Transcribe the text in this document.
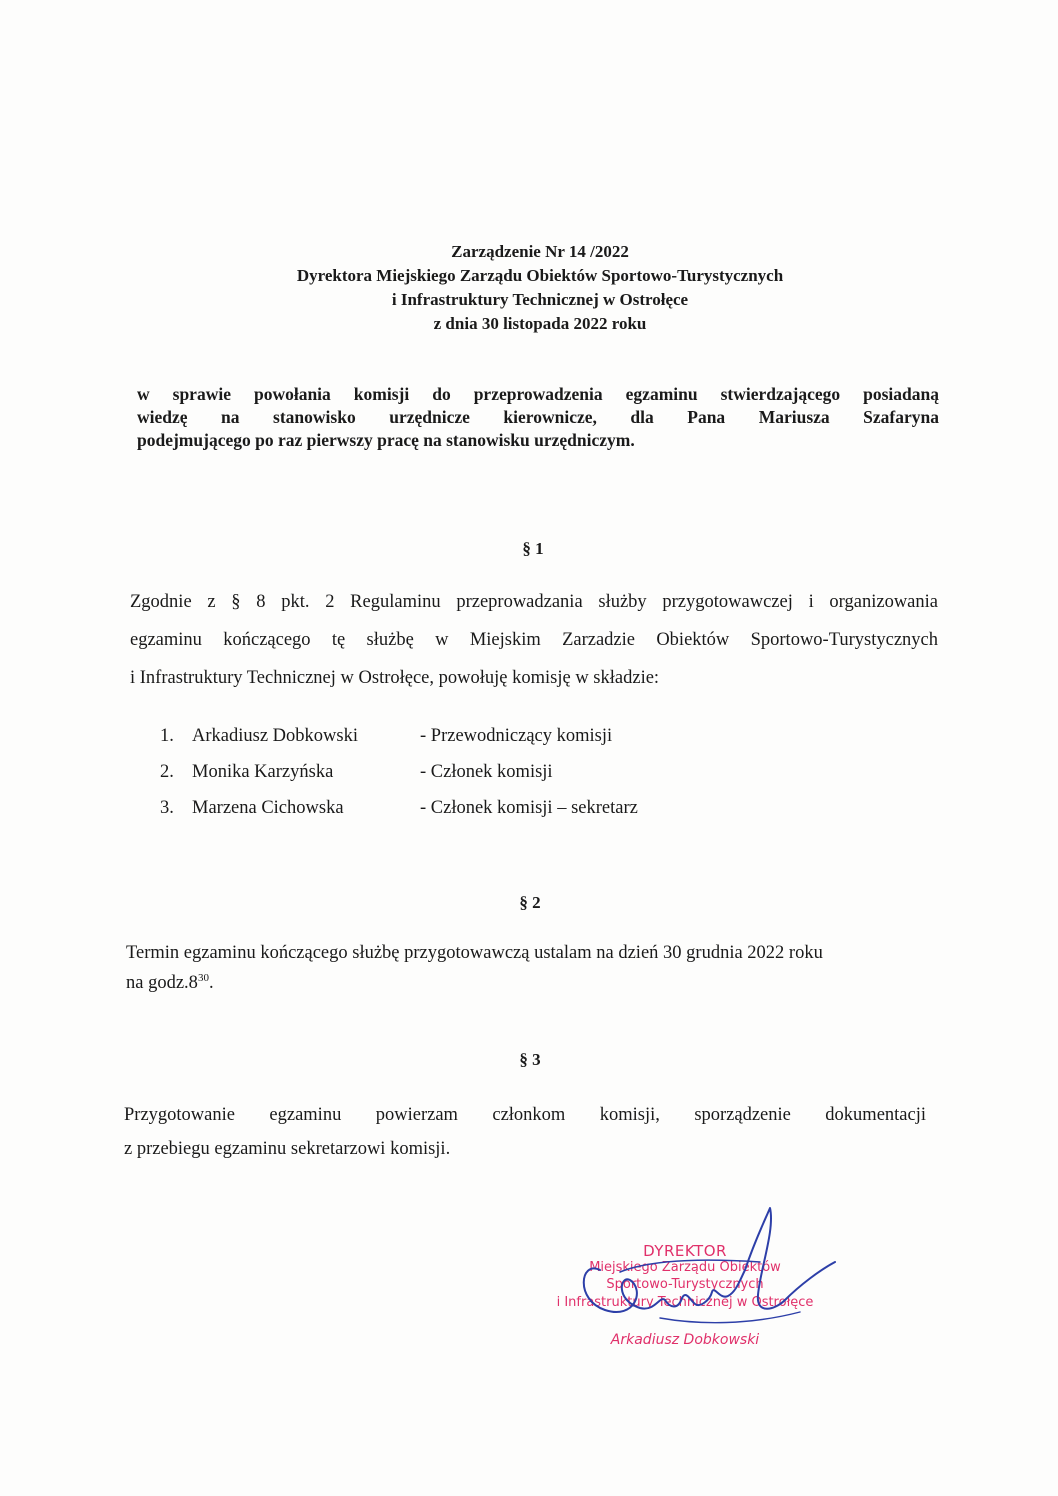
Zarządzenie Nr 14 /2022
Dyrektora Miejskiego Zarządu Obiektów Sportowo-Turystycznych
i Infrastruktury Technicznej w Ostrołęce
z dnia 30 listopada 2022 roku
w sprawie powołania komisji do przeprowadzenia egzaminu stwierdzającego posiadaną
wiedzę na stanowisko urzędnicze kierownicze, dla Pana Mariusza Szafaryna
podejmującego po raz pierwszy pracę na stanowisku urzędniczym.
§ 1
Zgodnie z § 8 pkt. 2 Regulaminu przeprowadzania służby przygotowawczej i organizowania
egzaminu kończącego tę służbę w Miejskim Zarzadzie Obiektów Sportowo-Turystycznych
i Infrastruktury Technicznej w Ostrołęce, powołuję komisję w składzie:
1. Arkadiusz Dobkowski	- Przewodniczący komisji
2. Monika Karzyńska	- Członek komisji
3. Marzena Cichowska	- Członek komisji – sekretarz
§ 2
Termin egzaminu kończącego służbę przygotowawczą ustalam na dzień 30 grudnia 2022 roku
na $godz.8^{30}$.
§ 3
Przygotowanie egzaminu powierzam członkom komisji, sporządzenie dokumentacji
z przebiegu egzaminu sekretarzowi komisji.
DYREKTOR
Miejskiego Zarządu Obiektów
Sportowo-Turystycznych
i Infrastruktury Technicznej w Ostrołęce
Arkadiusz Dobkowski
